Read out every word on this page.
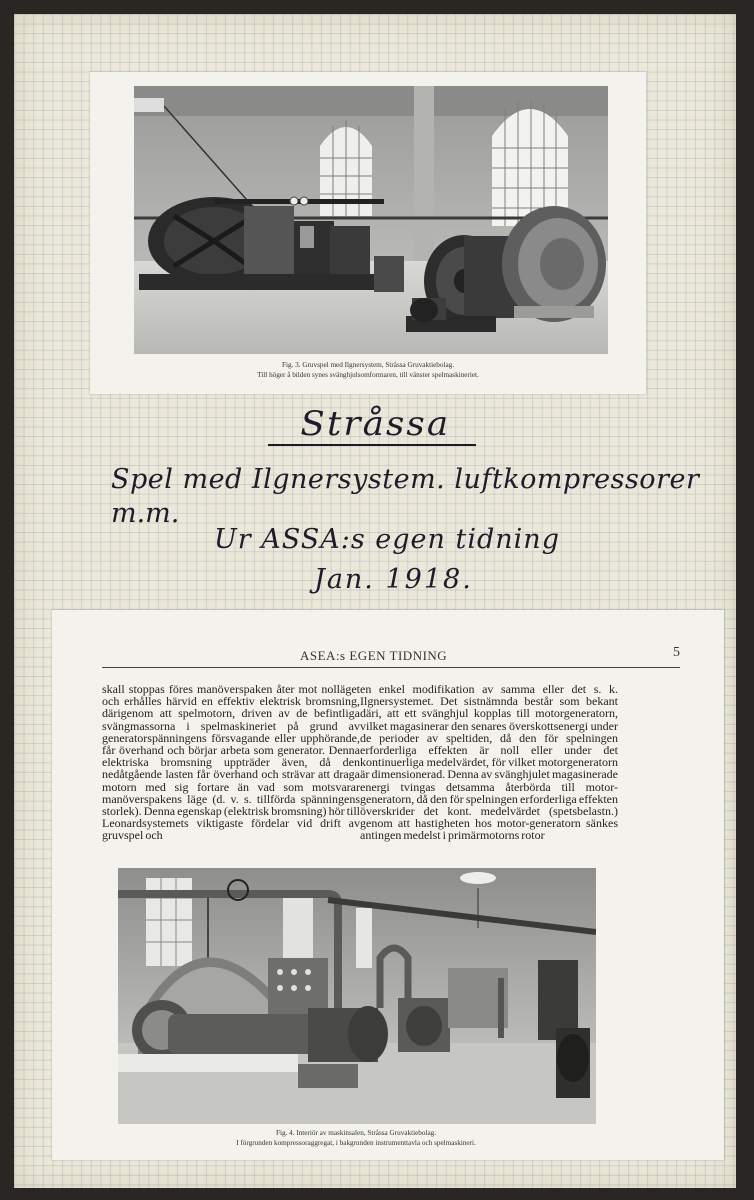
Fig. 3. Gruvspel med Ilgnersystem, Stråssa Gruvaktiebolag.
Till höger å bilden synes svänghjulsomformaren, till vänster spelmaskineriet.
Stråssa
Spel med Ilgnersystem. luftkompressorer
m.m.
Ur ASSA:s egen tidning
Jan. 1918.
ASEA:s EGEN TIDNING	5

skall stoppas föres manöverspaken åter mot nolläget och erhålles härvid en effektiv elektrisk bromsning, därigenom att spelmotorn, driven av de befintliga svängmassorna i spelmaskineriet på grund av generatorspänningens försvagande eller upphörande, får överhand och börjar arbeta som generator. Denna elektriska bromsning uppträder även, då den nedåtgående lasten får överhand och strävar att draga motorn med sig fortare än vad som motsvarar manöverspakens läge (d. v. s. tillförda spänningens storlek). Denna egenskap (elektrisk bromsning) hör till Leonardsystemets viktigaste fördelar vid drift av gruvspel och

en enkel modifikation av samma eller det s. k. Ilgnersystemet. Det sistnämnda består som bekant däri, att ett svänghjul kopplas till motorgeneratorn, vilket magasinerar den senares överskottsenergi under de perioder av speltiden, då den för spelningen erforderliga effekten är noll eller under det kontinuerliga medelvärdet, för vilket motorgeneratorn är dimensionerad. Denna av svänghjulet magasinerade energi tvingas detsamma återbörda till motor-generatorn, då den för spelningen erforderliga effekten överskrider det kont. medelvärdet (spetsbelastn.) genom att hastigheten hos motor-generatorn sänkes antingen medelst i primärmotorns rotor

Fig. 4. Interiör av maskinsalen, Stråssa Gruvaktiebolag.
I förgrunden kompressoraggregat, i bakgrunden instrumenttavla och spelmaskineri.
